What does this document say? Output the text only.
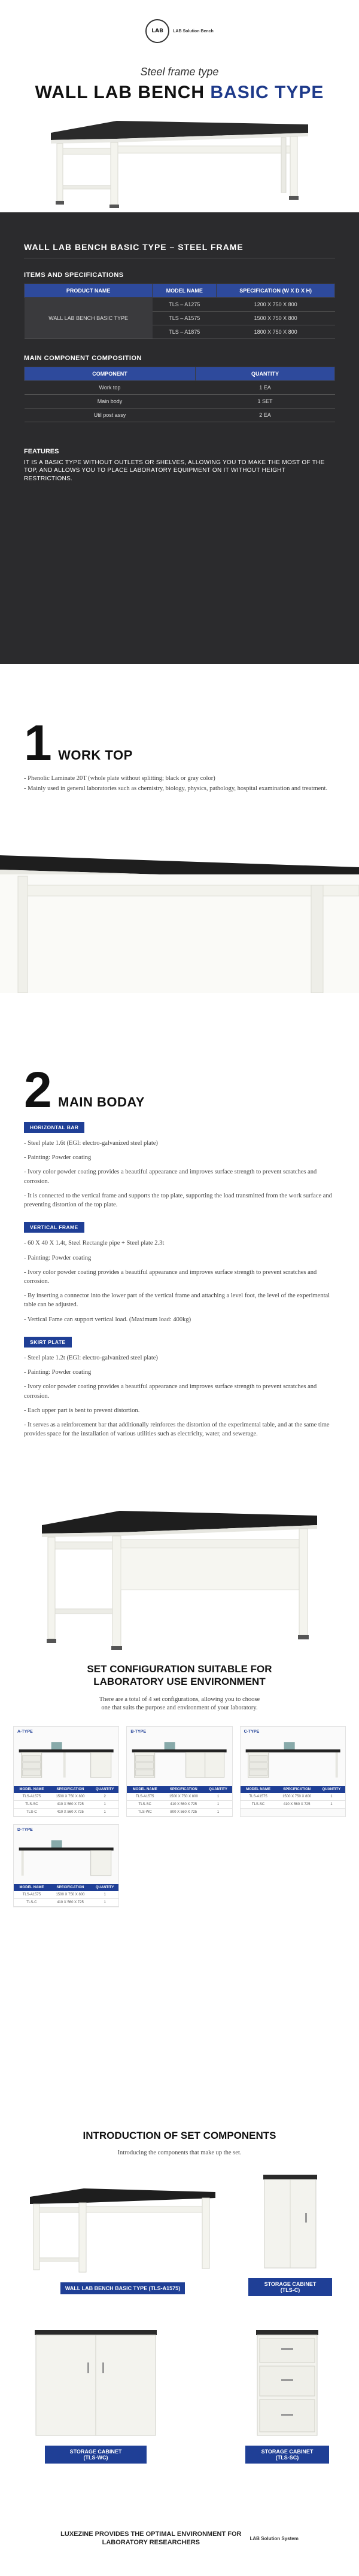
LAB	LAB Solution Bench
Steel frame type
WALL LAB BENCH BASIC TYPE
WALL LAB BENCH BASIC TYPE – STEEL FRAME
ITEMS AND SPECIFICATIONS
PRODUCT NAME	MODEL NAME	SPECIFICATION (W X D X H)
WALL LAB BENCH BASIC TYPE	TLS – A1275	1200 X 750 X 800
	TLS – A1575	1500 X 750 X 800
	TLS – A1875	1800 X 750 X 800
MAIN COMPONENT COMPOSITION
COMPONENT	QUANTITY
Work top	1 EA
Main body	1 SET
Util post assy	2 EA
FEATURES
IT IS A BASIC TYPE WITHOUT OUTLETS OR SHELVES, ALLOWING YOU TO MAKE THE MOST OF THE TOP, AND ALLOWS YOU TO PLACE LABORATORY EQUIPMENT ON IT WITHOUT HEIGHT RESTRICTIONS.
1 WORK TOP

- Phenolic Laminate 20T (whole plate without splitting; black or gray color)

- Mainly used in general laboratories such as chemistry, biology, physics, pathology, hospital examination and treatment.

2 MAIN BODAY
HORIZONTAL BAR

- Steel plate 1.6t (EGI: electro-galvanized steel plate)

- Painting: Powder coating

- Ivory color powder coating provides a beautiful appearance and improves surface strength to prevent scratches and corrosion.

- It is connected to the vertical frame and supports the top plate, supporting the load transmitted from the work surface and preventing distortion of the top plate.

VERTICAL FRAME

- 60 X 40 X 1.4t, Steel Rectangle pipe + Steel plate 2.3t

- Painting: Powder coating

- Ivory color powder coating provides a beautiful appearance and improves surface strength to prevent scratches and corrosion.

- By inserting a connector into the lower part of the vertical frame and attaching a level foot, the level of the experimental table can be adjusted.

- Vertical Fame can support vertical load. (Maximum load: 400kg)

SKIRT PLATE

- Steel plate 1.2t (EGI: electro-galvanized steel plate)

- Painting: Powder coating

- Ivory color powder coating provides a beautiful appearance and improves surface strength to prevent scratches and corrosion.

- Each upper part is bent to prevent distortion.

- It serves as a reinforcement bar that additionally reinforces the distortion of the experimental table, and at the same time provides space for the installation of various utilities such as electricity, water, and sewerage.

SET CONFIGURATION SUITABLE FOR
LABORATORY USE ENVIRONMENT
There are a total of 4 set configurations, allowing you to choose
one that suits the purpose and environment of your laboratory.
A-TYPE
MODEL NAME	SPECIFICATION	QUANTITY
TLS-A1575	1500 X 750 X 800	2
TLS-SC	410 X 560 X 725	1
TLS-C	410 X 560 X 725	1
B-TYPE
MODEL NAME	SPECIFICATION	QUANTITY
TLS-A1575	1500 X 750 X 800	1
TLS-SC	410 X 560 X 725	1
TLS-WC	800 X 560 X 725	1
C-TYPE
MODEL NAME	SPECIFICATION	QUANTITY
TLS-A1575	1500 X 750 X 800	1
TLS-SC	410 X 560 X 725	1
D-TYPE
MODEL NAME	SPECIFICATION	QUANTITY
TLS-A1575	1500 X 750 X 800	1
TLS-C	410 X 560 X 725	1
INTRODUCTION OF SET COMPONENTS
Introducing the components that make up the set.
WALL LAB BENCH BASIC TYPE (TLS-A1575)

STORAGE CABINET
(TLS-C)

STORAGE CABINET
(TLS-WC)

STORAGE CABINET
(TLS-SC)
LUXEZINE PROVIDES THE OPTIMAL ENVIRONMENT FOR
LABORATORY RESEARCHERS
LAB Solution System
